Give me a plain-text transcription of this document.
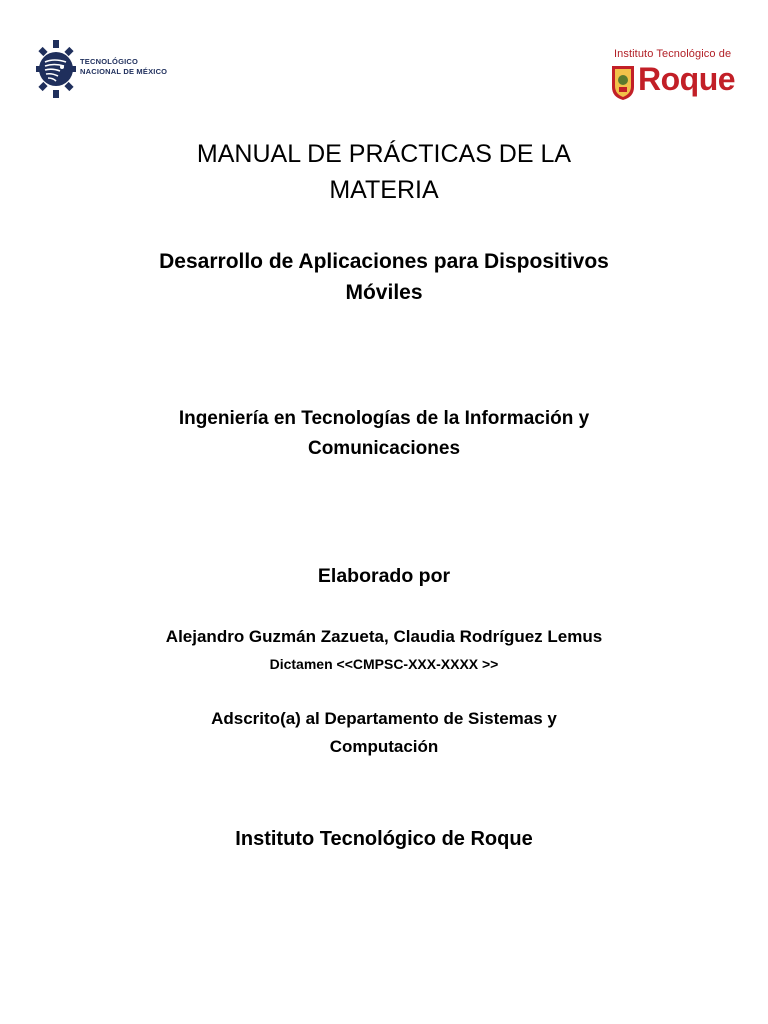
TECNOLÓGICO
NACIONAL DE MÉXICO
Instituto Tecnológico de
Roque
MANUAL DE PRÁCTICAS DE LA
MATERIA
Desarrollo de Aplicaciones para Dispositivos
Móviles
Ingeniería en Tecnologías de la Información y
Comunicaciones
Elaborado por
Alejandro Guzmán Zazueta, Claudia Rodríguez Lemus
Dictamen <<CMPSC-XXX-XXXX >>
Adscrito(a) al Departamento de Sistemas y
Computación
Instituto Tecnológico de Roque
